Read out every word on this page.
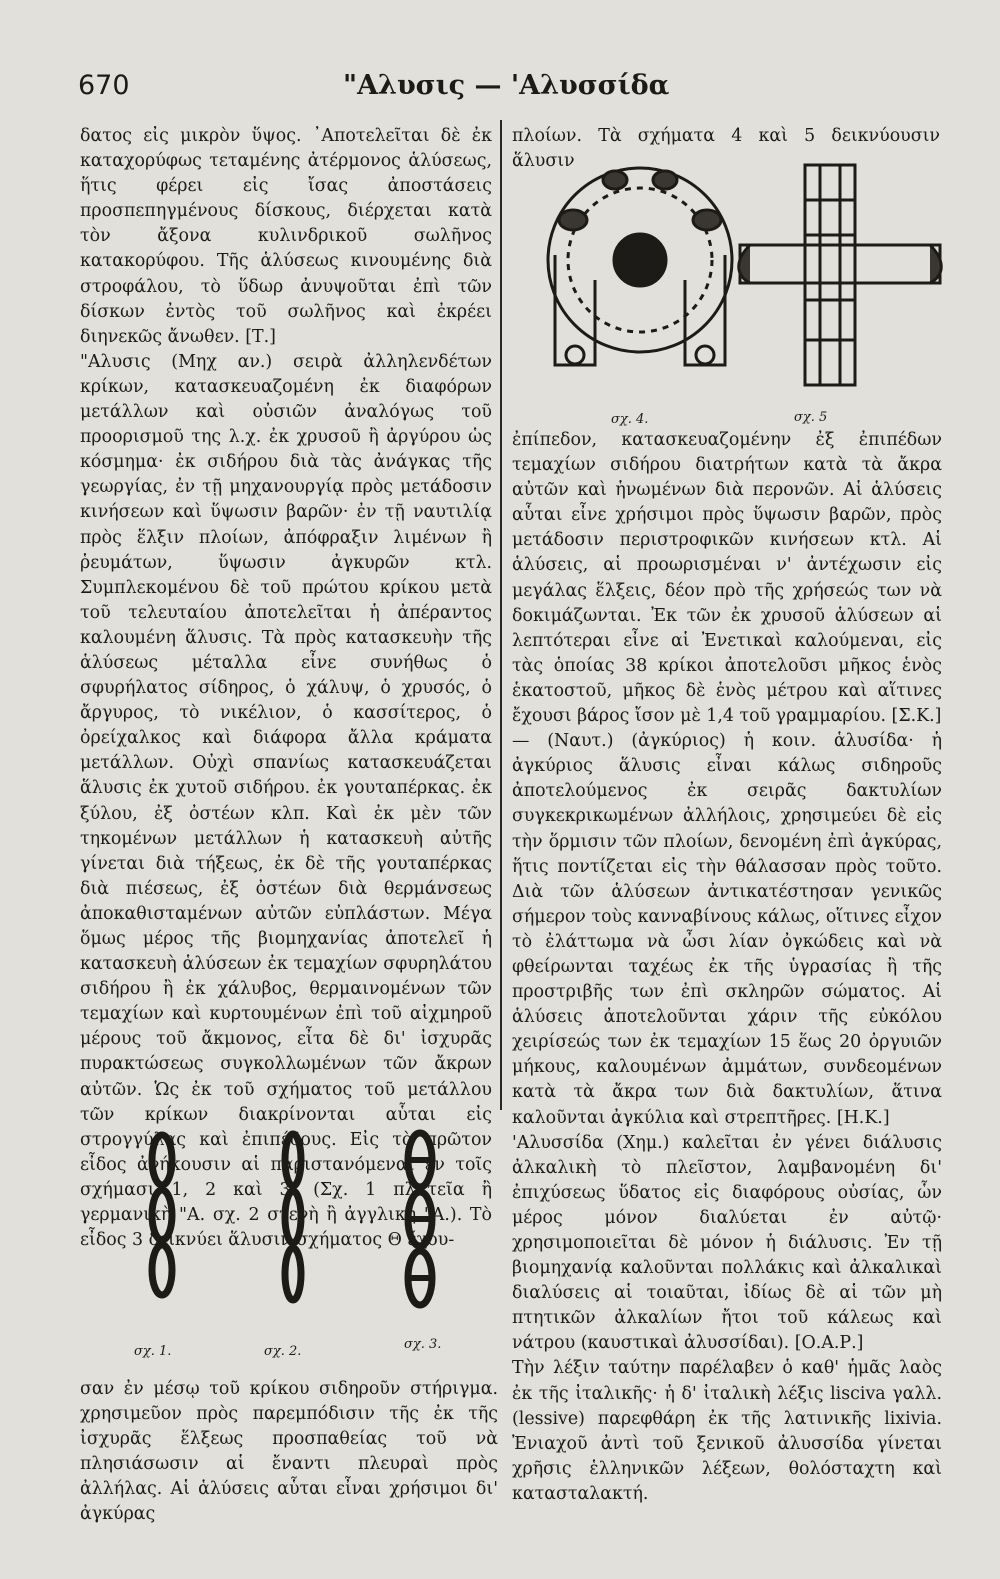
670	"Αλυσις — 'Αλυσσίδα

δατος εἰς μικρὸν ὕψος. ᾿Αποτελεῖται δὲ ἐκ καταχορύφως τεταμένης ἀτέρμονος ἁλύσεως, ἥτις φέρει εἰς ἴσας ἀποστάσεις προσπεπηγμένους δίσκους, διέρχεται κατὰ τὸν ἄξονα κυλινδρικοῦ σωλῆνος κατακορύφου. Τῆς ἁλύσεως κινουμένης διὰ στροφάλου, τὸ ὕδωρ ἀνυψοῦται ἐπὶ τῶν δίσκων ἐντὸς τοῦ σωλῆνος καὶ ἐκρέει διηνεκῶς ἄνωθεν. [Τ.]

"Αλυσις (Μηχ αν.) σειρὰ ἀλληλενδέτων κρίκων, κατασκευαζομένη ἐκ διαφόρων μετάλλων καὶ οὐσιῶν ἀναλόγως τοῦ προορισμοῦ της λ.χ. ἐκ χρυσοῦ ἢ ἀργύρου ὡς κόσμημα· ἐκ σιδήρου διὰ τὰς ἀνάγκας τῆς γεωργίας, ἐν τῇ μηχανουργίᾳ πρὸς μετάδοσιν κινήσεων καὶ ὕψωσιν βαρῶν· ἐν τῇ ναυτιλίᾳ πρὸς ἕλξιν πλοίων, ἀπόφραξιν λιμένων ἢ ῥευμάτων, ὕψωσιν ἀγκυρῶν κτλ. Συμπλεκομένου δὲ τοῦ πρώτου κρίκου μετὰ τοῦ τελευταίου ἀποτελεῖται ἡ ἀπέραντος καλουμένη ἅλυσις. Τὰ πρὸς κατασκευὴν τῆς ἁλύσεως μέταλλα εἶνε συνήθως ὁ σφυρήλατος σίδηρος, ὁ χάλυψ, ὁ χρυσός, ὁ ἄργυρος, τὸ νικέλιον, ὁ κασσίτερος, ὁ ὀρείχαλκος καὶ διάφορα ἄλλα κράματα μετάλλων. Οὐχὶ σπανίως κατασκευάζεται ἅλυσις ἐκ χυτοῦ σιδήρου. ἐκ γουταπέρκας. ἐκ ξύλου, ἐξ ὀστέων κλπ. Καὶ ἐκ μὲν τῶν τηκομένων μετάλλων ἡ κατασκευὴ αὐτῆς γίνεται διὰ τήξεως, ἐκ δὲ τῆς γουταπέρκας διὰ πιέσεως, ἐξ ὀστέων διὰ θερμάνσεως ἀποκαθισταμένων αὐτῶν εὐπλάστων. Μέγα ὅμως μέρος τῆς βιομηχανίας ἀποτελεῖ ἡ κατασκευὴ ἁλύσεων ἐκ τεμαχίων σφυρηλάτου σιδήρου ἢ ἐκ χάλυβος, θερμαινομένων τῶν τεμαχίων καὶ κυρτουμένων ἐπὶ τοῦ αἰχμηροῦ μέρους τοῦ ἄκμονος, εἶτα δὲ δι' ἰσχυρᾶς πυρακτώσεως συγκολλωμένων τῶν ἄκρων αὐτῶν. Ὡς ἐκ τοῦ σχήματος τοῦ μετάλλου τῶν κρίκων διακρίνονται αὗται εἰς στρογγύλας καὶ ἐπιπέδους. Εἰς τὸ πρῶτον εἶδος ἀνήκουσιν αἱ παριστανόμεναι ἐν τοῖς σχήμασι 1, 2 καὶ 3. (Σχ. 1 πλατεῖα ἢ γερμανικὴ "Α. σχ. 2 στενὴ ἢ ἀγγλικὴ "Α.). Τὸ εἶδος 3 δεικνύει ἅλυσιν σχήματος Θ ἔχου-

σχ. 1.	σχ. 2.	σχ. 3.

σαν ἐν μέσῳ τοῦ κρίκου σιδηροῦν στήριγμα. χρησιμεῦον πρὸς παρεμπόδισιν τῆς ἐκ τῆς ἰσχυρᾶς ἕλξεως προσπαθείας τοῦ νὰ πλησιάσωσιν αἱ ἔναντι πλευραὶ πρὸς ἀλλήλας. Αἱ ἁλύσεις αὗται εἶναι χρήσιμοι δι' ἀγκύρας

πλοίων. Τὰ σχήματα 4 καὶ 5 δεικνύουσιν ἅλυσιν

σχ. 4.	σχ. 5

ἐπίπεδον, κατασκευαζομένην ἐξ ἐπιπέδων τεμαχίων σιδήρου διατρήτων κατὰ τὰ ἄκρα αὐτῶν καὶ ἡνωμένων διὰ περονῶν. Αἱ ἁλύσεις αὗται εἶνε χρήσιμοι πρὸς ὕψωσιν βαρῶν, πρὸς μετάδοσιν περιστροφικῶν κινήσεων κτλ. Αἱ ἁλύσεις, αἱ προωρισμέναι ν' ἀντέχωσιν εἰς μεγάλας ἕλξεις, δέον πρὸ τῆς χρήσεώς των νὰ δοκιμάζωνται. Ἐκ τῶν ἐκ χρυσοῦ ἁλύσεων αἱ λεπτότεραι εἶνε αἱ Ἐνετικαὶ καλούμεναι, εἰς τὰς ὁποίας 38 κρίκοι ἀποτελοῦσι μῆκος ἑνὸς ἑκατοστοῦ, μῆκος δὲ ἑνὸς μέτρου καὶ αἵτινες ἔχουσι βάρος ἴσον μὲ 1,4 τοῦ γραμμαρίου. [Σ.Κ.]

— (Ναυτ.) (ἀγκύριος) ἡ κοιν. ἁλυσίδα· ἡ ἀγκύριος ἅλυσις εἶναι κάλως σιδηροῦς ἀποτελούμενος ἐκ σειρᾶς δακτυλίων συγκεκρικωμένων ἀλλήλοις, χρησιμεύει δὲ εἰς τὴν ὅρμισιν τῶν πλοίων, δενομένη ἐπὶ ἀγκύρας, ἥτις ποντίζεται εἰς τὴν θάλασσαν πρὸς τοῦτο. Διὰ τῶν ἁλύσεων ἀντικατέστησαν γενικῶς σήμερον τοὺς κανναβίνους κάλως, οἵτινες εἶχον τὸ ἐλάττωμα νὰ ὦσι λίαν ὀγκώδεις καὶ νὰ φθείρωνται ταχέως ἐκ τῆς ὑγρασίας ἢ τῆς προστριβῆς των ἐπὶ σκληρῶν σώματος. Αἱ ἁλύσεις ἀποτελοῦνται χάριν τῆς εὐκόλου χειρίσεώς των ἐκ τεμαχίων 15 ἕως 20 ὀργυιῶν μήκους, καλουμένων ἀμμάτων, συνδεομένων κατὰ τὰ ἄκρα των διὰ δακτυλίων, ἅτινα καλοῦνται ἀγκύλια καὶ στρεπτῆρες. [Η.Κ.]

'Αλυσσίδα (Χημ.) καλεῖται ἐν γένει διάλυσις ἀλκαλικὴ τὸ πλεῖστον, λαμβανομένη δι' ἐπιχύσεως ὕδατος εἰς διαφόρους οὐσίας, ὧν μέρος μόνον διαλύεται ἐν αὐτῷ· χρησιμοποιεῖται δὲ μόνον ἡ διάλυσις. Ἐν τῇ βιομηχανίᾳ καλοῦνται πολλάκις καὶ ἀλκαλικαὶ διαλύσεις αἱ τοιαῦται, ἰδίως δὲ αἱ τῶν μὴ πτητικῶν ἀλκαλίων ἤτοι τοῦ κάλεως καὶ νάτρου (καυστικαὶ ἀλυσσίδαι). [Ο.Α.Ρ.]

Τὴν λέξιν ταύτην παρέλαβεν ὁ καθ' ἡμᾶς λαὸς ἐκ τῆς ἰταλικῆς· ἡ δ' ἰταλικὴ λέξις lisciva γαλλ. (lessive) παρεφθάρη ἐκ τῆς λατινικῆς lixivia. Ἐνιαχοῦ ἀντὶ τοῦ ξενικοῦ ἀλυσσίδα γίνεται χρῆσις ἑλληνικῶν λέξεων, θολόσταχτη καὶ κατασταλακτή.
